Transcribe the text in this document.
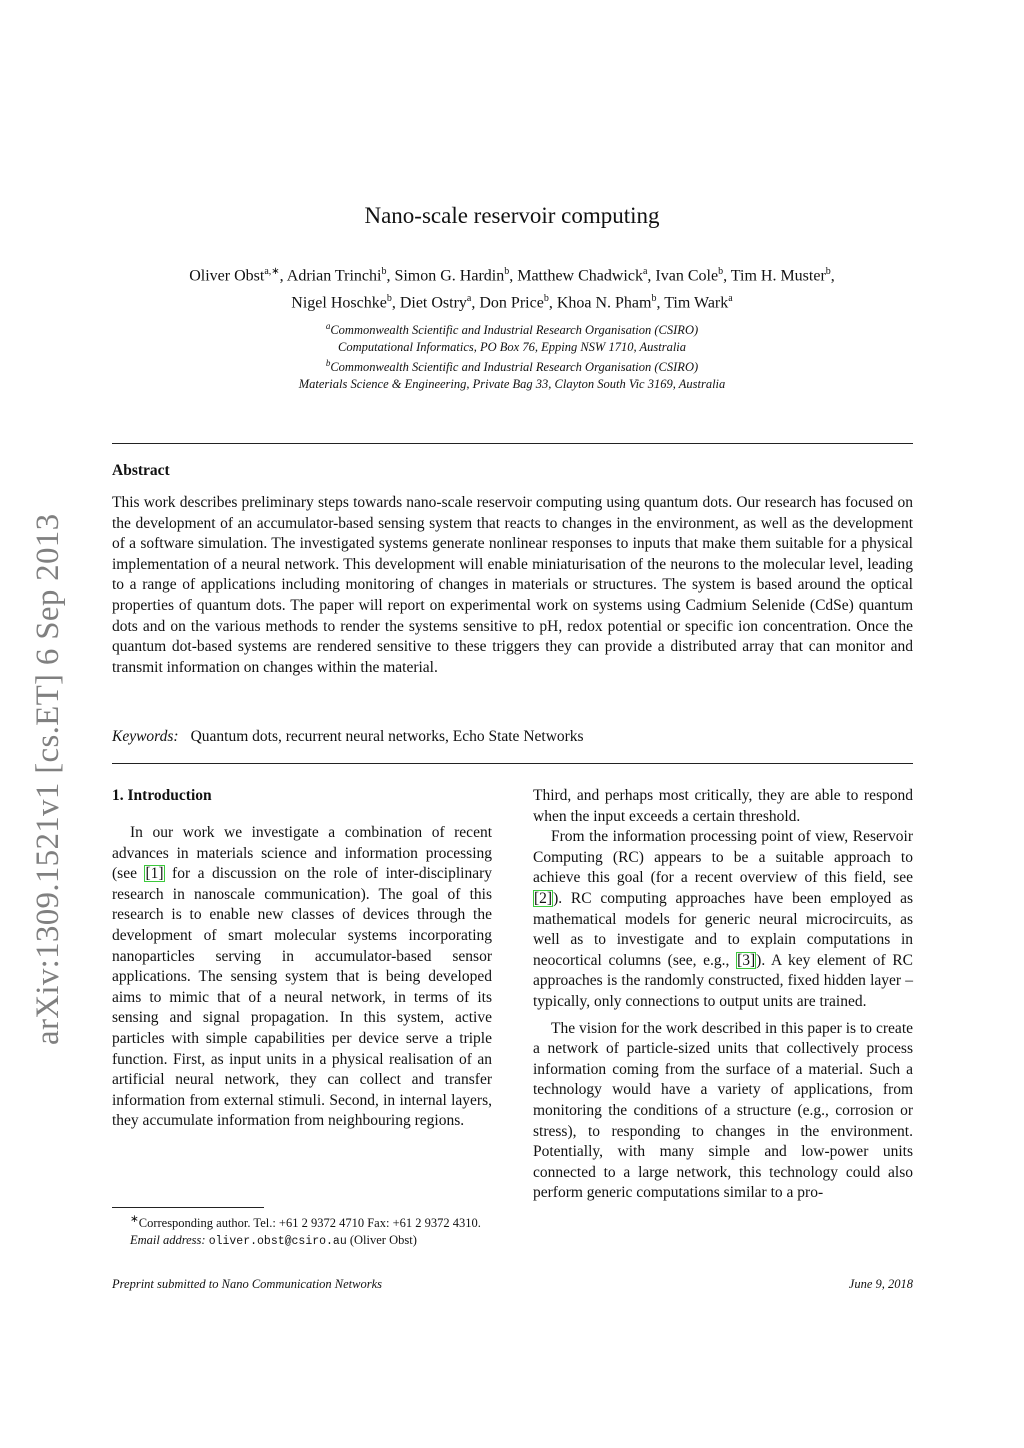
arXiv:1309.1521v1 [cs.ET] 6 Sep 2013
Nano-scale reservoir computing
Oliver Obst$^{a,∗}$, Adrian Trinchi$^b$, Simon G. Hardin$^b$, Matthew Chadwick$^a$, Ivan Cole$^b$, Tim H. Muster$^b$,
Nigel Hoschke$^b$, Diet Ostry$^a$, Don Price$^b$, Khoa N. Pham$^b$, Tim Wark$^a$
$^a$Commonwealth Scientific and Industrial Research Organisation (CSIRO)
Computational Informatics, PO Box 76, Epping NSW 1710, Australia
$^b$Commonwealth Scientific and Industrial Research Organisation (CSIRO)
Materials Science & Engineering, Private Bag 33, Clayton South Vic 3169, Australia
Abstract

This work describes preliminary steps towards nano-scale reservoir computing using quantum dots. Our research has focused on the development of an accumulator-based sensing system that reacts to changes in the environment, as well as the development of a software simulation. The investigated systems generate nonlinear responses to inputs that make them suitable for a physical implementation of a neural network. This development will enable miniaturisation of the neurons to the molecular level, leading to a range of applications including monitoring of changes in materials or structures. The system is based around the optical properties of quantum dots. The paper will report on experimental work on systems using Cadmium Selenide (CdSe) quantum dots and on the various methods to render the systems sensitive to pH, redox potential or specific ion concentration. Once the quantum dot-based systems are rendered sensitive to these triggers they can provide a distributed array that can monitor and transmit information on changes within the material.

Keywords: Quantum dots, recurrent neural networks, Echo State Networks

1. Introduction

In our work we investigate a combination of recent advances in materials science and information processing (see [1] for a discussion on the role of inter-disciplinary research in nanoscale communication). The goal of this research is to enable new classes of devices through the development of smart molecular systems incorporating nanoparticles serving in accumulator-based sensor applications. The sensing system that is being developed aims to mimic that of a neural network, in terms of its sensing and signal propagation. In this system, active particles with simple capabilities per device serve a triple function. First, as input units in a physical realisation of an artificial neural network, they can collect and transfer information from external stimuli. Second, in internal layers, they accumulate information from neighbouring regions.

Third, and perhaps most critically, they are able to respond when the input exceeds a certain threshold.

From the information processing point of view, Reservoir Computing (RC) appears to be a suitable approach to achieve this goal (for a recent overview of this field, see [2]). RC computing approaches have been employed as mathematical models for generic neural microcircuits, as well as to investigate and to explain computations in neocortical columns (see, e.g., [3]). A key element of RC approaches is the randomly constructed, fixed hidden layer – typically, only connections to output units are trained.

The vision for the work described in this paper is to create a network of particle-sized units that collectively process information coming from the surface of a material. Such a technology would have a variety of applications, from monitoring the conditions of a structure (e.g., corrosion or stress), to responding to changes in the environment. Potentially, with many simple and low-power units connected to a large network, this technology could also perform generic computations similar to a pro-

∗Corresponding author. Tel.: +61 2 9372 4710 Fax: +61 2 9372 4310.

Email address: oliver.obst@csiro.au (Oliver Obst)

Preprint submitted to Nano Communication Networks	June 9, 2018
